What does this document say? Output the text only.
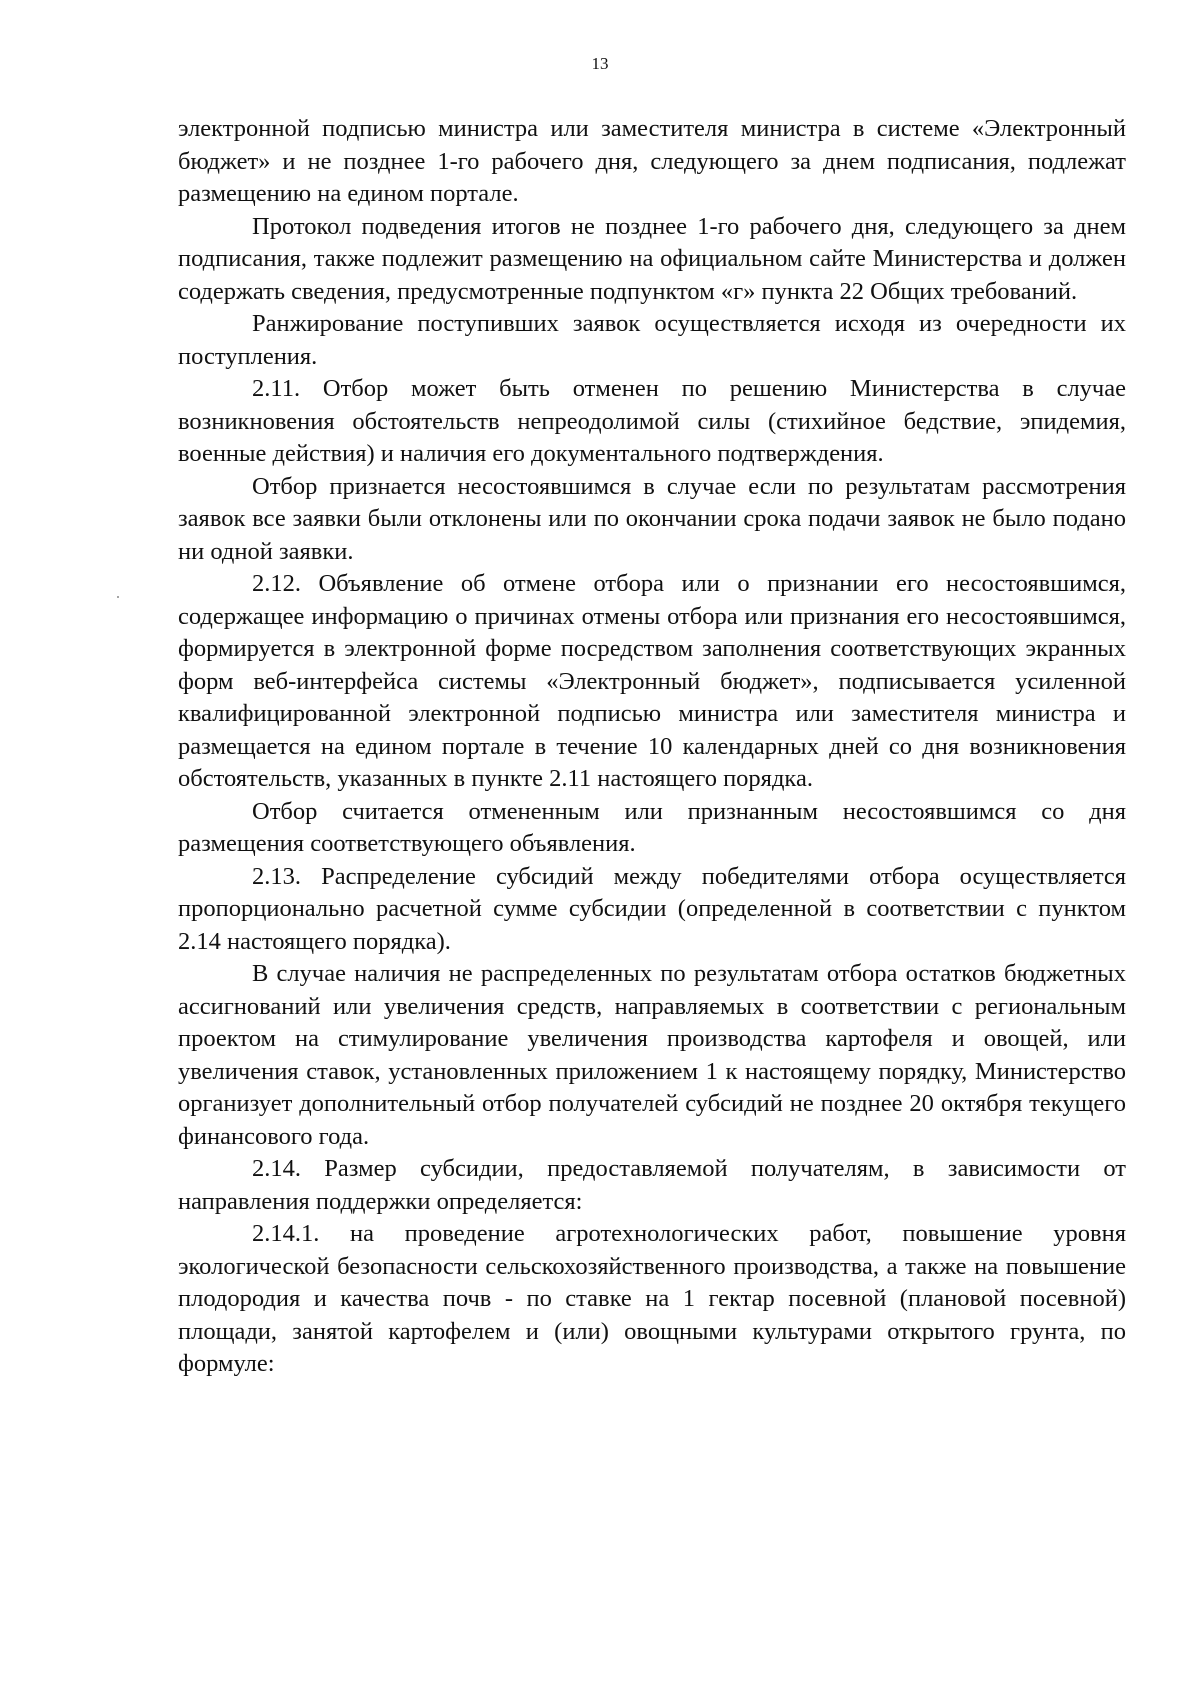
13

электронной подписью министра или заместителя министра в системе «Электронный бюджет» и не позднее 1-го рабочего дня, следующего за днем подписания, подлежат размещению на едином портале.

Протокол подведения итогов не позднее 1-го рабочего дня, следующего за днем подписания, также подлежит размещению на официальном сайте Министерства и должен содержать сведения, предусмотренные подпунктом «г» пункта 22 Общих требований.

Ранжирование поступивших заявок осуществляется исходя из очередности их поступления.

2.11. Отбор может быть отменен по решению Министерства в случае возникновения обстоятельств непреодолимой силы (стихийное бедствие, эпидемия, военные действия) и наличия его документального подтверждения.

Отбор признается несостоявшимся в случае если по результатам рассмотрения заявок все заявки были отклонены или по окончании срока подачи заявок не было подано ни одной заявки.

2.12. Объявление об отмене отбора или о признании его несостоявшимся, содержащее информацию о причинах отмены отбора или признания его несостоявшимся, формируется в электронной форме посредством заполнения соответствующих экранных форм веб-интерфейса системы «Электронный бюджет», подписывается усиленной квалифицированной электронной подписью министра или заместителя министра и размещается на едином портале в течение 10 календарных дней со дня возникновения обстоятельств, указанных в пункте 2.11 настоящего порядка.

Отбор считается отмененным или признанным несостоявшимся со дня размещения соответствующего объявления.

2.13. Распределение субсидий между победителями отбора осуществляется пропорционально расчетной сумме субсидии (определенной в соответствии с пунктом 2.14 настоящего порядка).

В случае наличия не распределенных по результатам отбора остатков бюджетных ассигнований или увеличения средств, направляемых в соответствии с региональным проектом на стимулирование увеличения производства картофеля и овощей, или увеличения ставок, установленных приложением 1 к настоящему порядку, Министерство организует дополнительный отбор получателей субсидий не позднее 20 октября текущего финансового года.

2.14. Размер субсидии, предоставляемой получателям, в зависимости от направления поддержки определяется:

2.14.1. на проведение агротехнологических работ, повышение уровня экологической безопасности сельскохозяйственного производства, а также на повышение плодородия и качества почв - по ставке на 1 гектар посевной (плановой посевной) площади, занятой картофелем и (или) овощными культурами открытого грунта, по формуле:
